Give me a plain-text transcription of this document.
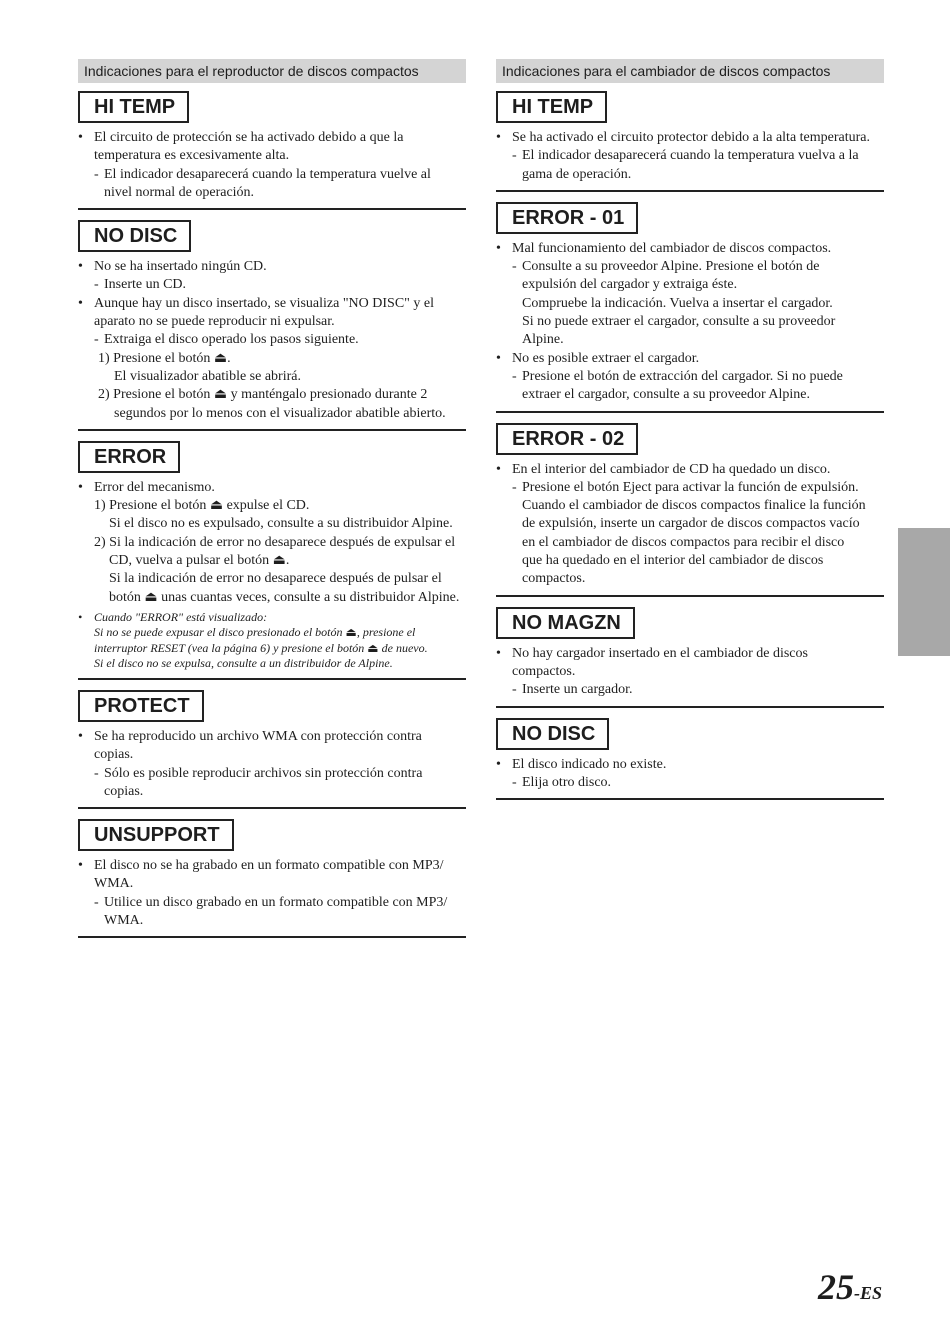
Indicaciones para el reproductor de discos compactos
HI TEMP
• El circuito de protección se ha activado debido a que la
temperatura es excesivamente alta.
- El indicador desaparecerá cuando la temperatura vuelve al
nivel normal de operación.
NO DISC
• No se ha insertado ningún CD.
- Inserte un CD.
• Aunque hay un disco insertado, se visualiza "NO DISC" y el
aparato no se puede reproducir ni expulsar.
- Extraiga el disco operado los pasos siguiente.
1) Presione el botón ⏏.
El visualizador abatible se abrirá.
2) Presione el botón ⏏ y manténgalo presionado durante 2
segundos por lo menos con el visualizador abatible abierto.
ERROR
• Error del mecanismo.
1) Presione el botón ⏏ expulse el CD.
Si el disco no es expulsado, consulte a su distribuidor Alpine.
2) Si la indicación de error no desaparece después de expulsar el
CD, vuelva a pulsar el botón ⏏.
Si la indicación de error no desaparece después de pulsar el
botón ⏏ unas cuantas veces, consulte a su distribuidor Alpine.
• Cuando "ERROR" está visualizado:
Si no se puede expusar el disco presionado el botón ⏏, presione el
interruptor RESET (vea la página 6) y presione el botón ⏏ de nuevo.
Si el disco no se expulsa, consulte a un distribuidor de Alpine.
PROTECT
• Se ha reproducido un archivo WMA con protección contra
copias.
- Sólo es posible reproducir archivos sin protección contra
copias.
UNSUPPORT
• El disco no se ha grabado en un formato compatible con MP3/
WMA.
- Utilice un disco grabado en un formato compatible con MP3/
WMA.
Indicaciones para el cambiador de discos compactos
HI TEMP
• Se ha activado el circuito protector debido a la alta temperatura.
- El indicador desaparecerá cuando la temperatura vuelva a la
gama de operación.
ERROR - 01
• Mal funcionamiento del cambiador de discos compactos.
- Consulte a su proveedor Alpine. Presione el botón de
expulsión del cargador y extraiga éste.
Compruebe la indicación. Vuelva a insertar el cargador.
Si no puede extraer el cargador, consulte a su proveedor
Alpine.
• No es posible extraer el cargador.
- Presione el botón de extracción del cargador. Si no puede
extraer el cargador, consulte a su proveedor Alpine.
ERROR - 02
• En el interior del cambiador de CD ha quedado un disco.
- Presione el botón Eject para activar la función de expulsión.
Cuando el cambiador de discos compactos finalice la función
de expulsión, inserte un cargador de discos compactos vacío
en el cambiador de discos compactos para recibir el disco
que ha quedado en el interior del cambiador de discos
compactos.
NO MAGZN
• No hay cargador insertado en el cambiador de discos
compactos.
- Inserte un cargador.
NO DISC
• El disco indicado no existe.
- Elija otro disco.
25-ES
